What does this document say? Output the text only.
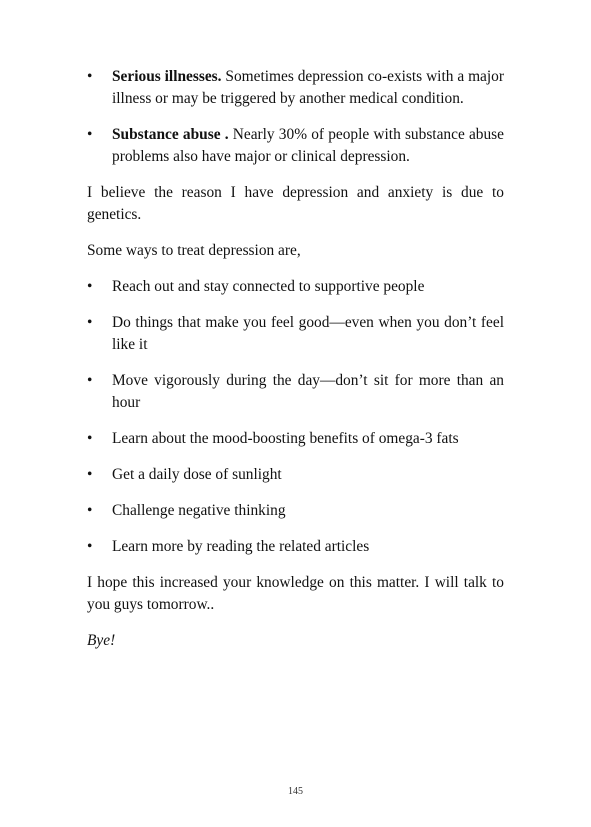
• Serious illnesses. Sometimes depression co-exists with a major illness or may be triggered by another medical condition.
• Substance abuse . Nearly 30% of people with substance abuse problems also have major or clinical depression.

I believe the reason I have depression and anxiety is due to genetics.

Some ways to treat depression are,

• Reach out and stay connected to supportive people
• Do things that make you feel good—even when you don’t feel like it
• Move vigorously during the day—don’t sit for more than an hour
• Learn about the mood-boosting benefits of omega-3 fats
• Get a daily dose of sunlight
• Challenge negative thinking
• Learn more by reading the related articles

I hope this increased your knowledge on this matter. I will talk to you guys tomorrow..

Bye!

145
